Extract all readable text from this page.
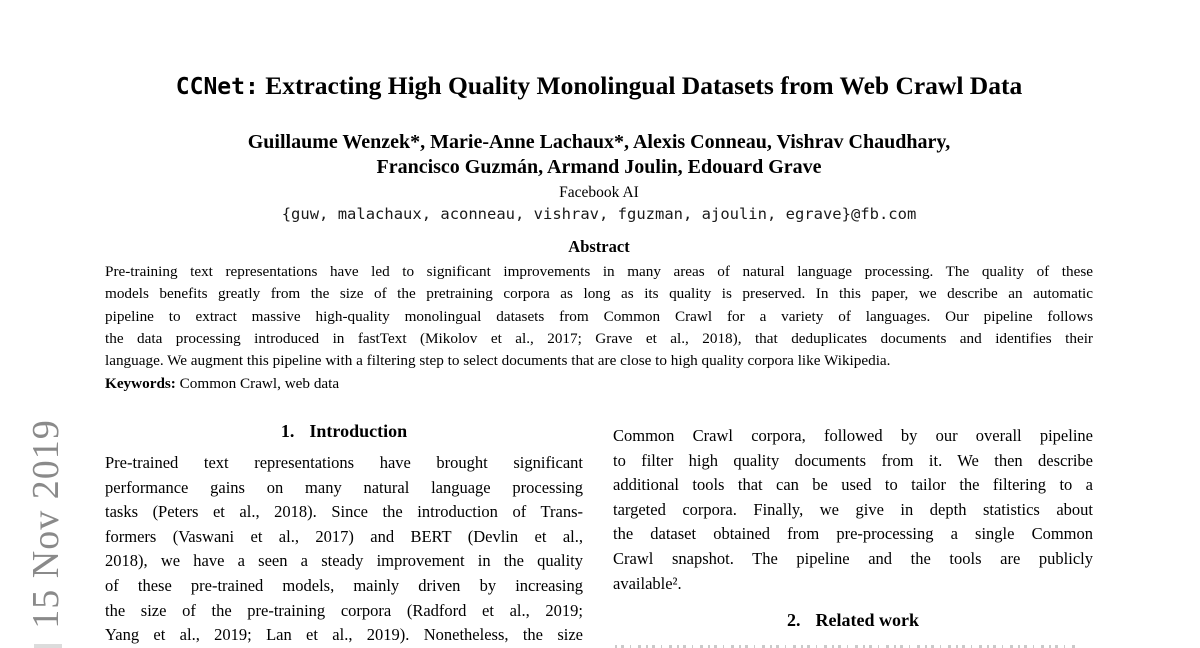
15 Nov 2019
CCNet: Extracting High Quality Monolingual Datasets from Web Crawl Data
Guillaume Wenzek*, Marie-Anne Lachaux*, Alexis Conneau, Vishrav Chaudhary,
Francisco Guzmán, Armand Joulin, Edouard Grave
Facebook AI
{guw, malachaux, aconneau, vishrav, fguzman, ajoulin, egrave}@fb.com
Abstract
Pre-training text representations have led to significant improvements in many areas of natural language processing. The quality of these
models benefits greatly from the size of the pretraining corpora as long as its quality is preserved. In this paper, we describe an automatic
pipeline to extract massive high-quality monolingual datasets from Common Crawl for a variety of languages. Our pipeline follows
the data processing introduced in fastText (Mikolov et al., 2017; Grave et al., 2018), that deduplicates documents and identifies their
language. We augment this pipeline with a filtering step to select documents that are close to high quality corpora like Wikipedia.
Keywords: Common Crawl, web data
1. Introduction
Pre-trained text representations have brought significant
performance gains on many natural language processing
tasks (Peters et al., 2018). Since the introduction of Trans-
formers (Vaswani et al., 2017) and BERT (Devlin et al.,
2018), we have a seen a steady improvement in the quality
of these pre-trained models, mainly driven by increasing
the size of the pre-training corpora (Radford et al., 2019;
Yang et al., 2019; Lan et al., 2019). Nonetheless, the size
Common Crawl corpora, followed by our overall pipeline
to filter high quality documents from it. We then describe
additional tools that can be used to tailor the filtering to a
targeted corpora. Finally, we give in depth statistics about
the dataset obtained from pre-processing a single Common
Crawl snapshot. The pipeline and the tools are publicly
available².
2. Related work
